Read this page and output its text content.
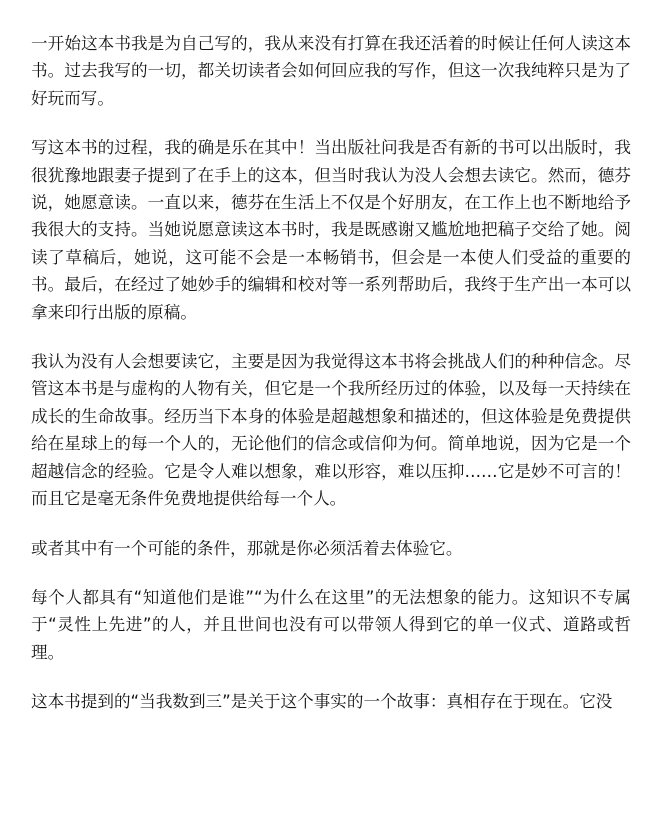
一开始这本书我是为自己写的，我从来没有打算在我还活着的时候让任何人读这本书。过去我写的一切，都关切读者会如何回应我的写作，但这一次我纯粹只是为了好玩而写。

写这本书的过程，我的确是乐在其中！当出版社问我是否有新的书可以出版时，我很犹豫地跟妻子提到了在手上的这本，但当时我认为没人会想去读它。然而，德芬说，她愿意读。一直以来，德芬在生活上不仅是个好朋友，在工作上也不断地给予我很大的支持。当她说愿意读这本书时，我是既感谢又尴尬地把稿子交给了她。阅读了草稿后，她说，这可能不会是一本畅销书，但会是一本使人们受益的重要的书。最后，在经过了她妙手的编辑和校对等一系列帮助后，我终于生产出一本可以拿来印行出版的原稿。

我认为没有人会想要读它，主要是因为我觉得这本书将会挑战人们的种种信念。尽管这本书是与虚构的人物有关，但它是一个我所经历过的体验，以及每一天持续在成长的生命故事。经历当下本身的体验是超越想象和描述的，但这体验是免费提供给在星球上的每一个人的，无论他们的信念或信仰为何。简单地说，因为它是一个超越信念的经验。它是令人难以想象，难以形容，难以压抑……它是妙不可言的！而且它是毫无条件免费地提供给每一个人。

或者其中有一个可能的条件，那就是你必须活着去体验它。

每个人都具有“知道他们是谁”“为什么在这里”的无法想象的能力。这知识不专属于“灵性上先进”的人，并且世间也没有可以带领人得到它的单一仪式、道路或哲理。

这本书提到的“当我数到三”是关于这个事实的一个故事：真相存在于现在。它没
